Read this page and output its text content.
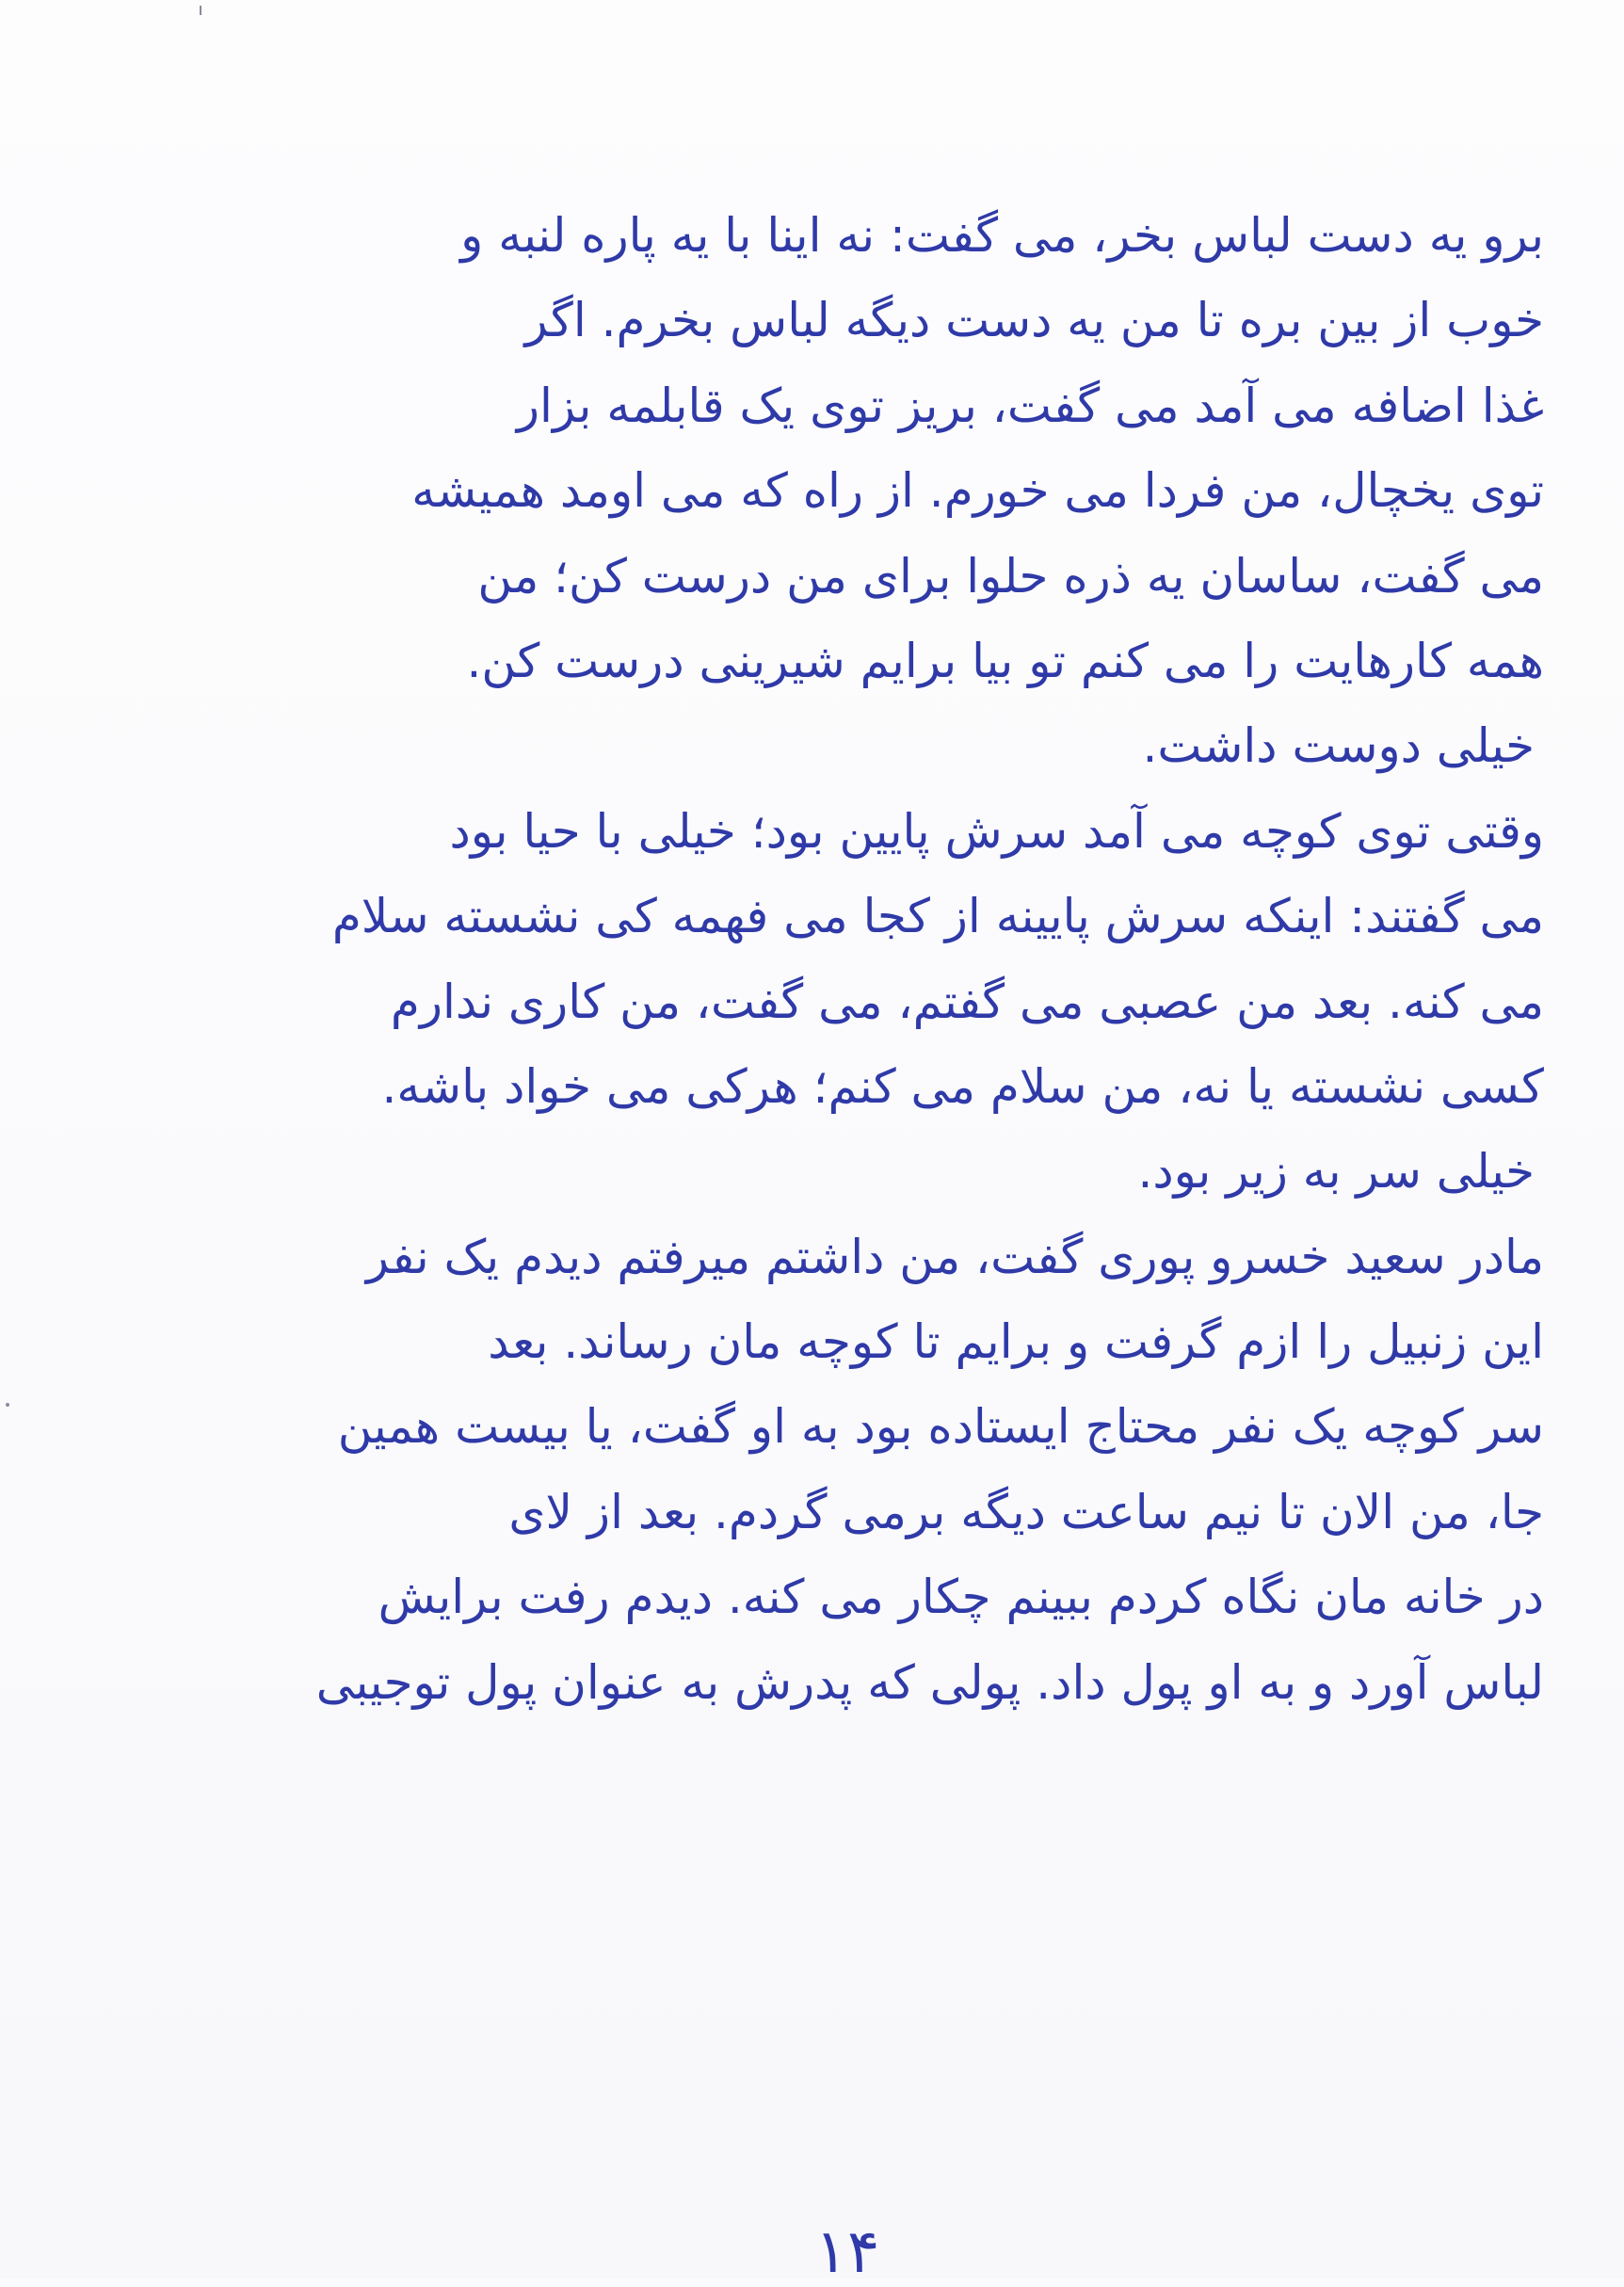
برو یه دست لباس بخر، می گفت: نه اینا با یه پاره لنبه و
خوب از بین بره تا من یه دست دیگه لباس بخرم. اگر
غذا اضافه می آمد می گفت، بریز توی یک قابلمه بزار
توی یخچال، من فردا می خورم. از راه که می اومد همیشه
می گفت، ساسان یه ذره حلوا برای من درست کن؛ من
همه کارهایت را می کنم تو بیا برایم شیرینی درست کن.
خیلی دوست داشت.
وقتی توی کوچه می آمد سرش پایین بود؛ خیلی با حیا بود
می گفتند: اینکه سرش پایینه از کجا می فهمه کی نشسته سلام
می کنه. بعد من عصبی می گفتم، می گفت، من کاری ندارم
کسی نشسته یا نه، من سلام می کنم؛ هرکی می خواد باشه.
خیلی سر به زیر بود.
مادر سعید خسرو پوری گفت، من داشتم میرفتم دیدم یک نفر
این زنبیل را ازم گرفت و برایم تا کوچه مان رساند. بعد
سر کوچه یک نفر محتاج ایستاده بود به او گفت، یا بیست همین
جا، من الان تا نیم ساعت دیگه برمی گردم. بعد از لای
در خانه مان نگاه کردم ببینم چکار می کنه. دیدم رفت برایش
لباس آورد و به او پول داد. پولی که پدرش به عنوان پول توجیبی
۱۴
